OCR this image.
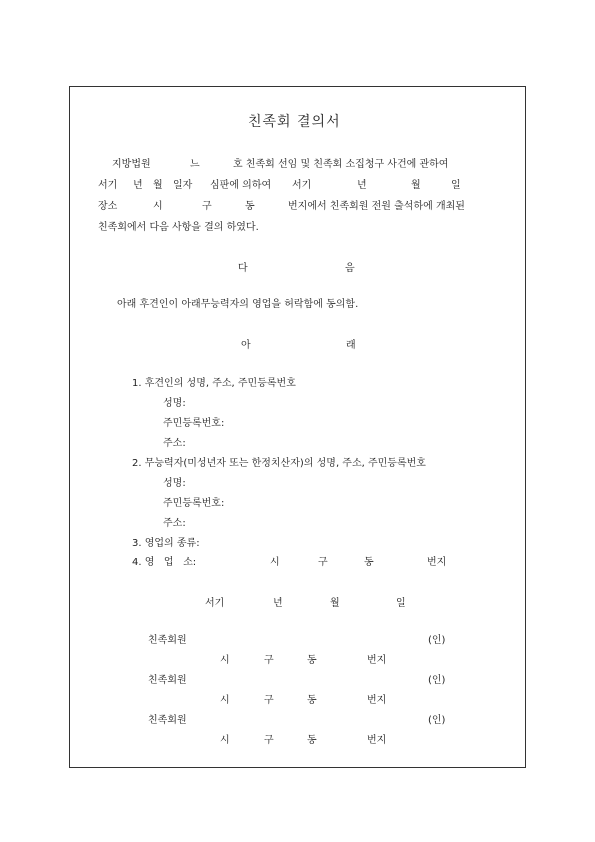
친족회 결의서
지방법원	느	호 친족회 선임 및 친족회 소집청구 사건에 관하여
서기 년 월 일자 심판에 의하여 서기	년	월	일
장소	시	구	동	번지에서 친족회원 전원 출석하에 개최된
친족회에서 다음 사항을 결의 하였다.
다	음
아래 후견인이 아래무능력자의 영업을 허락함에 동의함.
아	래
1. 후견인의 성명, 주소, 주민등록번호
성명:
주민등록번호:
주소:
2. 무능력자(미성년자 또는 한정치산자)의 성명, 주소, 주민등록번호
성명:
주민등록번호:
주소:
3. 영업의 종류:
4. 영   업   소:	시	구	동	번지
서기	년	월	일
친족회원	(인)
시	구	동	번지
친족회원	(인)
시	구	동	번지
친족회원	(인)
시	구	동	번지
